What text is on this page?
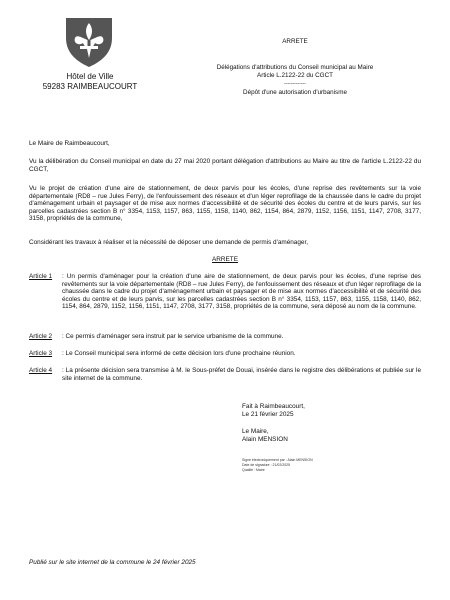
Hôtel de Ville
59283 RAIMBEAUCOURT
ARRETE
Délégations d'attributions du Conseil municipal au Maire
Article L.2122-22 du CGCT
-------------
Dépôt d'une autorisation d'urbanisme
Le Maire de Raimbeaucourt,
Vu la délibération du Conseil municipal en date du 27 mai 2020 portant délégation d'attributions au Maire au titre de l'article L.2122-22 du CGCT,
Vu le projet de création d'une aire de stationnement, de deux parvis pour les écoles, d'une reprise des revêtements sur la voie départementale (RD8 – rue Jules Ferry), de l'enfouissement des réseaux et d'un léger reprofilage de la chaussée dans le cadre du projet d'aménagement urbain et paysager et de mise aux normes d'accessibilité et de sécurité des écoles du centre et de leurs parvis, sur les parcelles cadastrées section B n° 3354, 1153, 1157, 863, 1155, 1158, 1140, 862, 1154, 864, 2879, 1152, 1156, 1151, 1147, 2708, 3177, 3158, propriétés de la commune,
Considérant les travaux à réaliser et la nécessité de déposer une demande de permis d'aménager,
ARRETE
Article 1 : Un permis d'aménager pour la création d'une aire de stationnement, de deux parvis pour les écoles, d'une reprise des revêtements sur la voie départementale (RD8 – rue Jules Ferry), de l'enfouissement des réseaux et d'un léger reprofilage de la chaussée dans le cadre du projet d'aménagement urbain et paysager et de mise aux normes d'accessibilité et de sécurité des écoles du centre et de leurs parvis, sur les parcelles cadastrées section B n° 3354, 1153, 1157, 863, 1155, 1158, 1140, 862, 1154, 864, 2879, 1152, 1156, 1151, 1147, 2708, 3177, 3158, propriétés de la commune, sera déposé au nom de la commune.
Article 2 : Ce permis d'aménager sera instruit par le service urbanisme de la commune.
Article 3 : Le Conseil municipal sera informé de cette décision lors d'une prochaine réunion.
Article 4 : La présente décision sera transmise à M. le Sous-préfet de Douai, insérée dans le registre des délibérations et publiée sur le site internet de la commune.
Fait à Raimbeaucourt,
Le 21 février 2025
Le Maire,
Alain MENSION
Signé électroniquement par : Alain MENSION
Date de signature : 21/02/2025
Qualité : Maire
Publié sur le site internet de la commune le 24 février 2025
